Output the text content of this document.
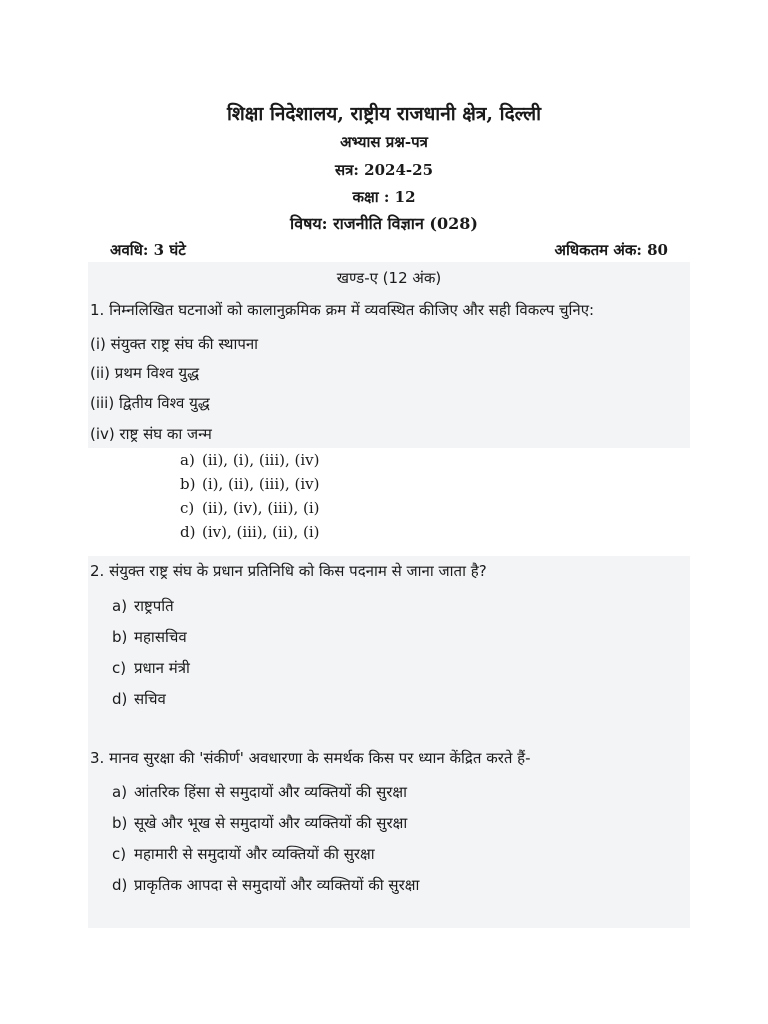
शिक्षा निदेशालय, राष्ट्रीय राजधानी क्षेत्र, दिल्ली
अभ्यास प्रश्न-पत्र
सत्र: 2024-25
कक्षा : 12
विषय: राजनीति विज्ञान (028)
अवधि: 3 घंटे	अधिकतम अंक: 80
खण्ड-ए (12 अंक)
1. निम्नलिखित घटनाओं को कालानुक्रमिक क्रम में व्यवस्थित कीजिए और सही विकल्प चुनिए:
(i) संयुक्त राष्ट्र संघ की स्थापना
(ii) प्रथम विश्व युद्ध
(iii) द्वितीय विश्व युद्ध
(iv) राष्ट्र संघ का जन्म
a) (ii), (i), (iii), (iv)
b) (i), (ii), (iii), (iv)
c) (ii), (iv), (iii), (i)
d) (iv), (iii), (ii), (i)
2. संयुक्त राष्ट्र संघ के प्रधान प्रतिनिधि को किस पदनाम से जाना जाता है?
a) राष्ट्रपति
b) महासचिव
c) प्रधान मंत्री
d) सचिव
3. मानव सुरक्षा की 'संकीर्ण' अवधारणा के समर्थक किस पर ध्यान केंद्रित करते हैं-
a) आंतरिक हिंसा से समुदायों और व्यक्तियों की सुरक्षा
b) सूखे और भूख से समुदायों और व्यक्तियों की सुरक्षा
c) महामारी से समुदायों और व्यक्तियों की सुरक्षा
d) प्राकृतिक आपदा से समुदायों और व्यक्तियों की सुरक्षा
